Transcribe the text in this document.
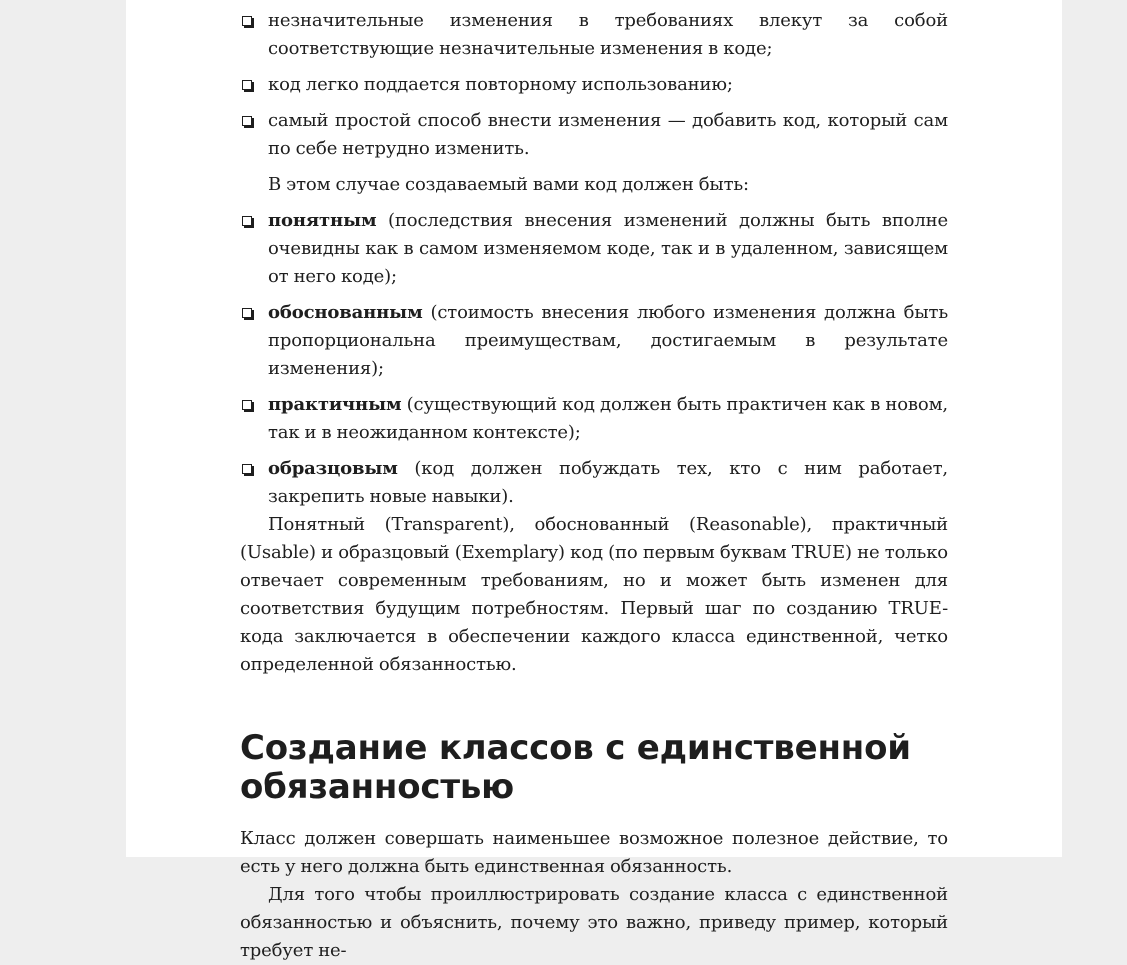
незначительные изменения в требованиях влекут за собой соответствующие незначительные изменения в коде;
код легко поддается повторному использованию;
самый простой способ внести изменения — добавить код, который сам по себе нетрудно изменить.

В этом случае создаваемый вами код должен быть:

понятным (последствия внесения изменений должны быть вполне очевидны как в самом изменяемом коде, так и в удаленном, зависящем от него коде);
обоснованным (стоимость внесения любого изменения должна быть пропорциональна преимуществам, достигаемым в результате изменения);
практичным (существующий код должен быть практичен как в новом, так и в неожиданном контексте);
образцовым (код должен побуждать тех, кто с ним работает, закрепить новые навыки).

Понятный (Transparent), обоснованный (Reasonable), практичный (Usable) и образцовый (Exemplary) код (по первым буквам TRUE) не только отвечает современным требованиям, но и может быть изменен для соответствия будущим потребностям. Первый шаг по созданию TRUE-кода заключается в обеспечении каждого класса единственной, четко определенной обязанностью.

Создание классов с единственной обязанностью

Класс должен совершать наименьшее возможное полезное действие, то есть у него должна быть единственная обязанность.

Для того чтобы проиллюстрировать создание класса с единственной обязанностью и объяснить, почему это важно, приведу пример, который требует не-
